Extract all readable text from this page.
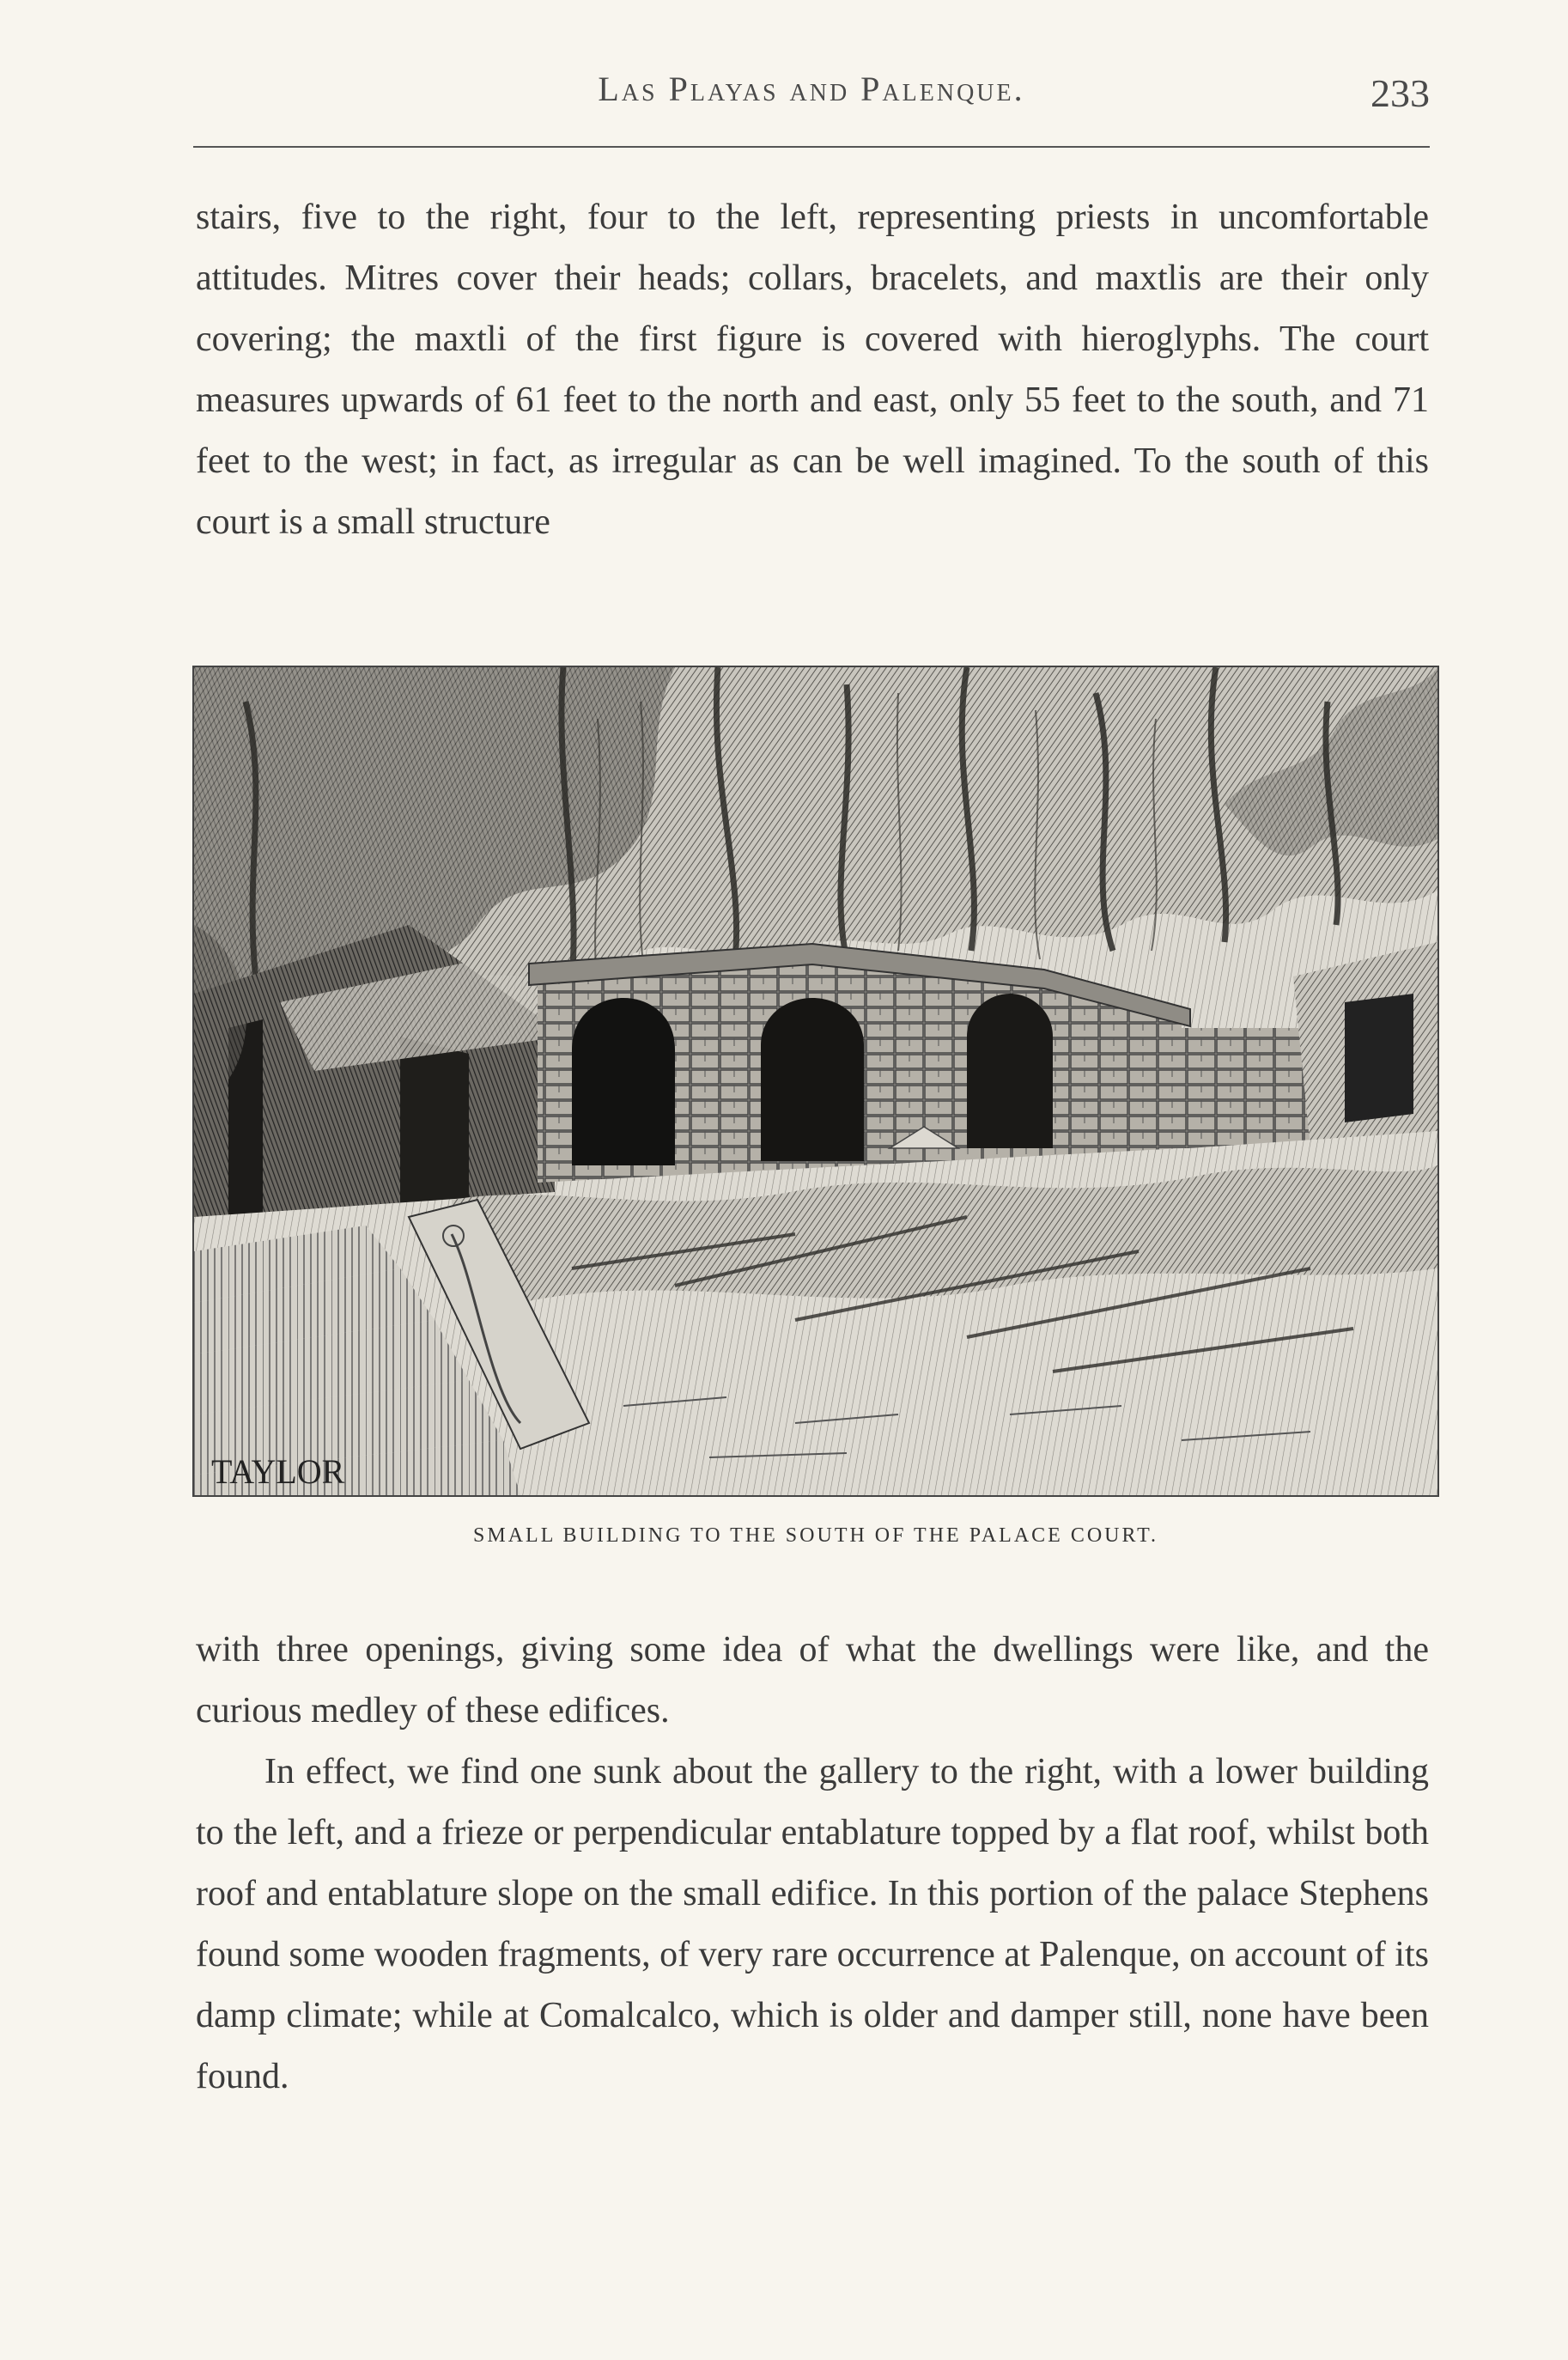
Las Playas and Palenque.	233

stairs, five to the right, four to the left, representing priests in uncomfortable attitudes. Mitres cover their heads; collars, bracelets, and maxtlis are their only covering; the maxtli of the first figure is covered with hieroglyphs. The court measures upwards of 61 feet to the north and east, only 55 feet to the south, and 71 feet to the west; in fact, as irregular as can be well imagined. To the south of this court is a small structure

TAYLOR
SMALL BUILDING TO THE SOUTH OF THE PALACE COURT.

with three openings, giving some idea of what the dwellings were like, and the curious medley of these edifices.

In effect, we find one sunk about the gallery to the right, with a lower building to the left, and a frieze or perpendicular entablature topped by a flat roof, whilst both roof and entablature slope on the small edifice. In this portion of the palace Stephens found some wooden fragments, of very rare occurrence at Palenque, on account of its damp climate; while at Comalcalco, which is older and damper still, none have been found.
